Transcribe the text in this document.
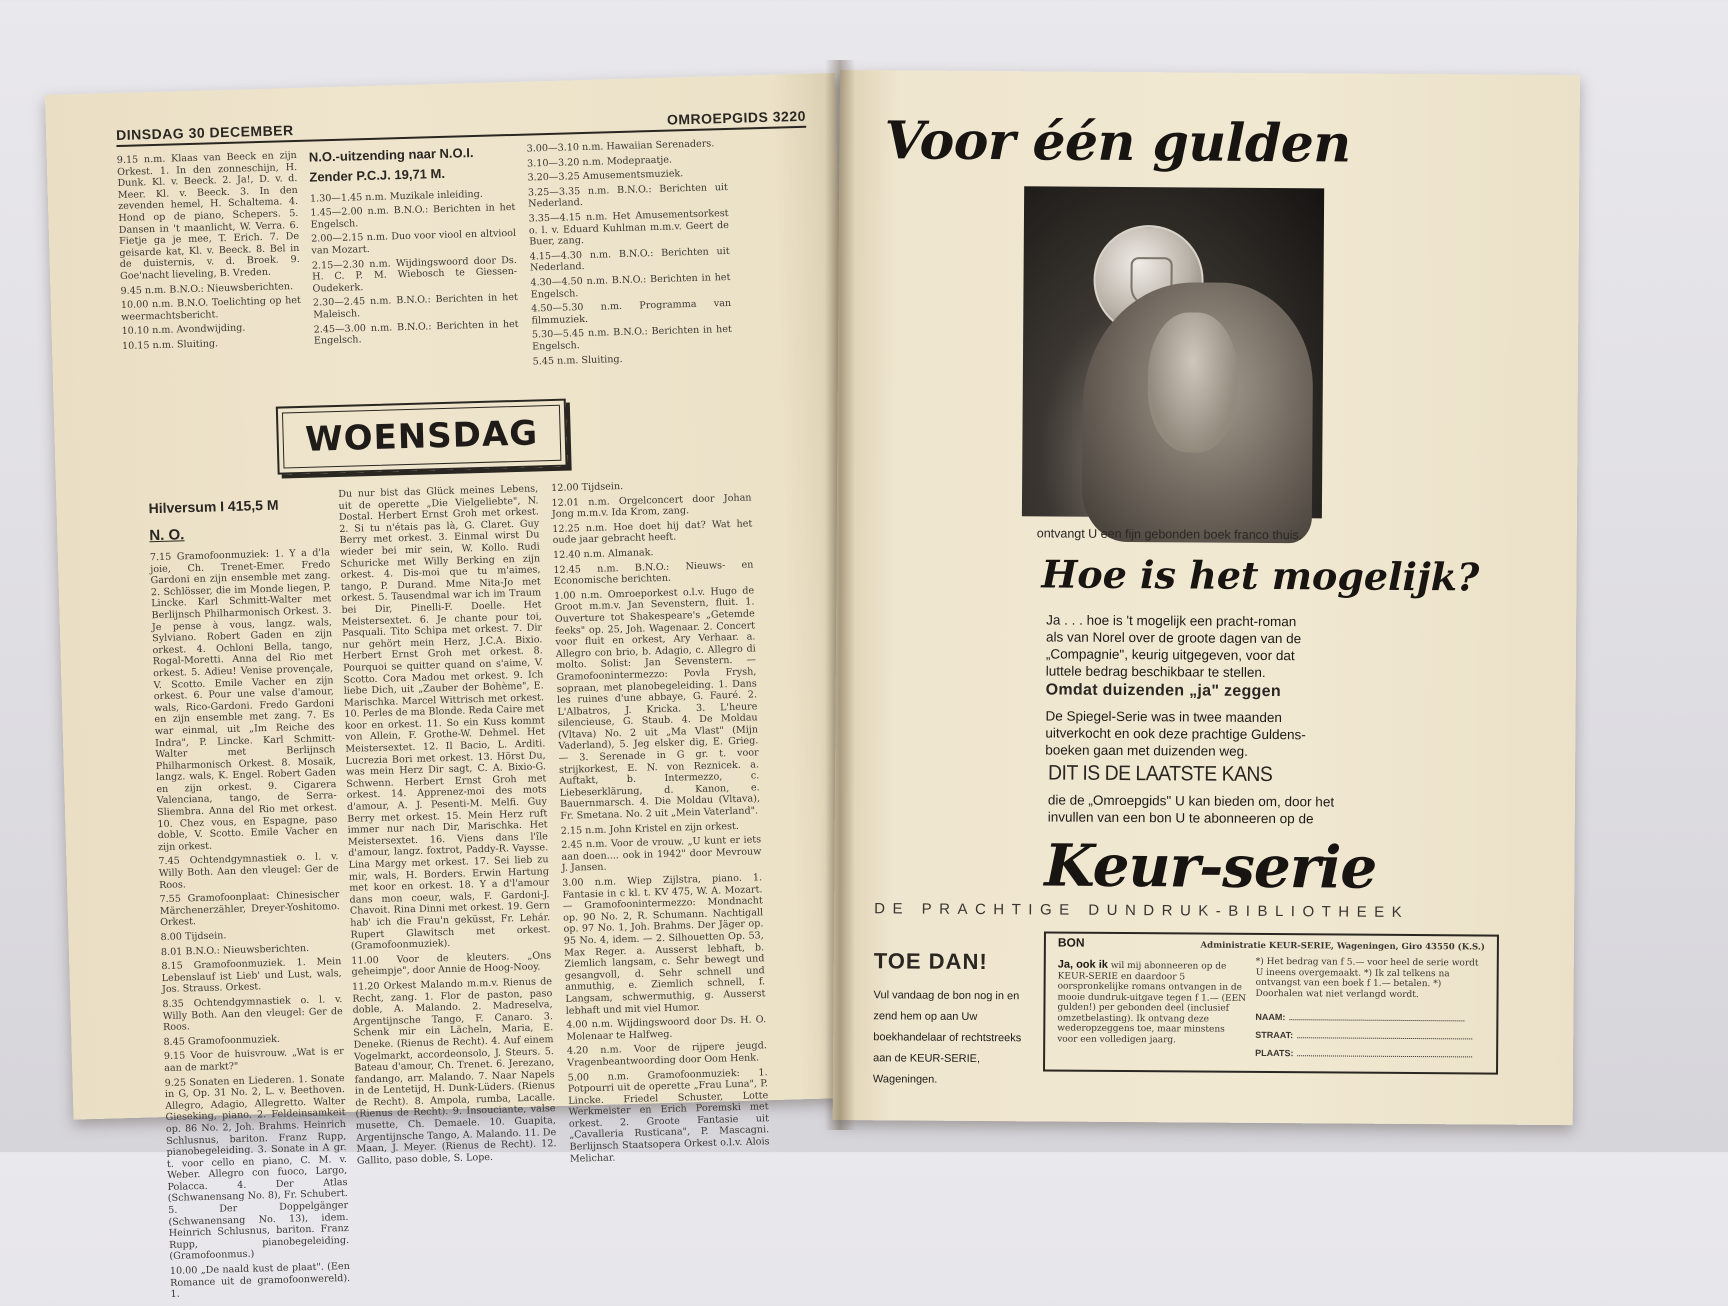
DINSDAG 30 DECEMBER
OMROEPGIDS 3220

9.15 n.m. Klaas van Beeck en zijn Orkest. 1. In den zonneschijn, H. Dunk. Kl. v. Beeck. 2. Ja!, D. v. d. Meer. Kl. v. Beeck. 3. In den zevenden hemel, H. Schaltema. 4. Hond op de piano, Schepers. 5. Dansen in 't maanlicht, W. Verra. 6. Fietje ga je mee, T. Erich. 7. De geisarde kat, Kl. v. Beeck. 8. Bel in de duisternis, v. d. Broek. 9. Goe'nacht lieveling, B. Vreden.

9.45 n.m. B.N.O.: Nieuwsberichten.

10.00 n.m. B.N.O. Toelichting op het weermachtsbericht.

10.10 n.m. Avondwijding.

10.15 n.m. Sluiting.

N.O.-uitzending naar N.O.I.
Zender P.C.J. 19,71 M.

1.30—1.45 n.m. Muzikale inleiding.

1.45—2.00 n.m. B.N.O.: Berichten in het Engelsch.

2.00—2.15 n.m. Duo voor viool en altviool van Mozart.

2.15—2.30 n.m. Wijdingswoord door Ds. H. C. P. M. Wiebosch te Giessen-Oudekerk.

2.30—2.45 n.m. B.N.O.: Berichten in het Maleisch.

2.45—3.00 n.m. B.N.O.: Berichten in het Engelsch.

3.00—3.10 n.m. Hawaiian Serenaders.

3.10—3.20 n.m. Modepraatje.

3.20—3.25 Amusementsmuziek.

3.25—3.35 n.m. B.N.O.: Berichten uit Nederland.

3.35—4.15 n.m. Het Amusementsorkest o. l. v. Eduard Kuhlman m.m.v. Geert de Buer, zang.

4.15—4.30 n.m. B.N.O.: Berichten uit Nederland.

4.30—4.50 n.m. B.N.O.: Berichten in het Engelsch.

4.50—5.30 n.m. Programma van filmmuziek.

5.30—5.45 n.m. B.N.O.: Berichten in het Engelsch.

5.45 n.m. Sluiting.

WOENSDAG
Hilversum I 415,5 M
N. O.

7.15 Gramofoonmuziek: 1. Y a d'la joie, Ch. Trenet-Emer. Fredo Gardoni en zijn ensemble met zang. 2. Schlösser, die im Monde liegen, P. Lincke. Karl Schmitt-Walter met Berlijnsch Philharmonisch Orkest. 3. Je pense à vous, langz. wals, Sylviano. Robert Gaden en zijn orkest. 4. Ochloni Bella, tango, Rogal-Moretti. Anna del Rio met orkest. 5. Adieu! Venise provençale, V. Scotto. Emile Vacher en zijn orkest. 6. Pour une valse d'amour, wals, Rico-Gardoni. Fredo Gardoni en zijn ensemble met zang. 7. Es war einmal, uit „Im Reiche des Indra", P. Lincke. Karl Schmitt-Walter met Berlijnsch Philharmonisch Orkest. 8. Mosaik, langz. wals, K. Engel. Robert Gaden en zijn orkest. 9. Cigarera Valenciana, tango, de Serra-Sliembra. Anna del Rio met orkest. 10. Chez vous, en Espagne, paso doble, V. Scotto. Emile Vacher en zijn orkest.

7.45 Ochtendgymnastiek o. l. v. Willy Both. Aan den vleugel: Ger de Roos.

7.55 Gramofoonplaat: Chinesischer Märchenerzähler, Dreyer-Yoshitomo. Orkest.

8.00 Tijdsein.

8.01 B.N.O.: Nieuwsberichten.

8.15 Gramofoonmuziek. 1. Mein Lebenslauf ist Lieb' und Lust, wals, Jos. Strauss. Orkest.

8.35 Ochtendgymnastiek o. l. v. Willy Both. Aan den vleugel: Ger de Roos.

8.45 Gramofoonmuziek.

9.15 Voor de huisvrouw. „Wat is er aan de markt?"

9.25 Sonaten en Liederen. 1. Sonate in G, Op. 31 No. 2, L. v. Beethoven. Allegro, Adagio, Allegretto. Walter Gieseking, piano. 2. Feldeinsamkeit op. 86 No. 2, Joh. Brahms. Heinrich Schlusnus, bariton. Franz Rupp, pianobegeleiding. 3. Sonate in A gr. t. voor cello en piano, C. M. v. Weber. Allegro con fuoco, Largo, Polacca. 4. Der Atlas (Schwanensang No. 8), Fr. Schubert. 5. Der Doppelgänger (Schwanensang No. 13), idem. Heinrich Schlusnus, bariton. Franz Rupp, pianobegeleiding. (Gramofoonmus.)

10.00 „De naald kust de plaat". (Een Romance uit de gramofoonwereld). 1.

Du nur bist das Glück meines Lebens, uit de operette „Die Vielgeliebte", N. Dostal. Herbert Ernst Groh met orkest. 2. Si tu n'étais pas là, G. Claret. Guy Berry met orkest. 3. Einmal wirst Du wieder bei mir sein, W. Kollo. Rudi Schuricke met Willy Berking en zijn orkest. 4. Dis-moi que tu m'aimes, tango, P. Durand. Mme Nita-Jo met orkest. 5. Tausendmal war ich im Traum bei Dir, Pinelli-F. Doelle. Het Meistersextet. 6. Je chante pour toi, Pasquali. Tito Schipa met orkest. 7. Dir nur gehört mein Herz, J.C.A. Bixio. Herbert Ernst Groh met orkest. 8. Pourquoi se quitter quand on s'aime, V. Scotto. Cora Madou met orkest. 9. Ich liebe Dich, uit „Zauber der Bohème", E. Marischka. Marcel Wittrisch met orkest. 10. Perles de ma Blonde. Reda Caire met koor en orkest. 11. So ein Kuss kommt von Allein, F. Grothe-W. Dehmel. Het Meistersextet. 12. Il Bacio, L. Arditi. Lucrezia Bori met orkest. 13. Hörst Du, was mein Herz Dir sagt, C. A. Bixio-G. Schwenn. Herbert Ernst Groh met orkest. 14. Apprenez-moi des mots d'amour, A. J. Pesenti-M. Melfi. Guy Berry met orkest. 15. Mein Herz ruft immer nur nach Dir, Marischka. Het Meistersextet. 16. Viens dans l'île d'amour, langz. foxtrot, Paddy-R. Vaysse. Lina Margy met orkest. 17. Sei lieb zu mir, wals, H. Borders. Erwin Hartung met koor en orkest. 18. Y a d'l'amour dans mon coeur, wals, F. Gardoni-J. Chavoit. Rina Dinni met orkest. 19. Gern hab' ich die Frau'n geküsst, Fr. Lehár. Rupert Glawitsch met orkest. (Gramofoonmuziek).

11.00 Voor de kleuters. „Ons geheimpje", door Annie de Hoog-Nooy.

11.20 Orkest Malando m.m.v. Rienus de Recht, zang. 1. Flor de paston, paso doble, A. Malando. 2. Madreselva, Argentijnsche Tango, F. Canaro. 3. Schenk mir ein Lächeln, Maria, E. Deneke. (Rienus de Recht). 4. Auf einem Vogelmarkt, accordeonsolo, J. Steurs. 5. Bateau d'amour, Ch. Trenet. 6. Jerezano, fandango, arr. Malando. 7. Naar Napels in de Lentetijd, H. Dunk-Lüders. (Rienus de Recht). 8. Ampola, rumba, Lacalle. (Rienus de Recht). 9. Insouciante, valse musette, Ch. Demaele. 10. Guapita, Argentijnsche Tango, A. Malando. 11. De Maan, J. Meyer. (Rienus de Recht). 12. Gallito, paso doble, S. Lope.

12.00 Tijdsein.

12.01 n.m. Orgelconcert door Johan Jong m.m.v. Ida Krom, zang.

12.25 n.m. Hoe doet hij dat? Wat het oude jaar gebracht heeft.

12.40 n.m. Almanak.

12.45 n.m. B.N.O.: Nieuws- en Economische berichten.

1.00 n.m. Omroeporkest o.l.v. Hugo de Groot m.m.v. Jan Sevenstern, fluit. 1. Ouverture tot Shakespeare's „Getemde feeks" op. 25, Joh. Wagenaar. 2. Concert voor fluit en orkest, Ary Verhaar. a. Allegro con brio, b. Adagio, c. Allegro di molto. Solist: Jan Sevenstern. — Gramofoonintermezzo: Povla Frysh, sopraan, met planobegeleiding. 1. Dans les ruines d'une abbaye, G. Fauré. 2. L'Albatros, J. Kricka. 3. L'heure silencieuse, G. Staub. 4. De Moldau (Vltava) No. 2 uit „Ma Vlast" (Mijn Vaderland), 5. Jeg elsker dig, E. Grieg. — 3. Serenade in G gr. t. voor strijkorkest, E. N. von Reznicek. a. Auftakt, b. Intermezzo, c. Liebeserklärung, d. Kanon, e. Bauernmarsch. 4. Die Moldau (Vltava), Fr. Smetana. No. 2 uit „Mein Vaterland".

2.15 n.m. John Kristel en zijn orkest.

2.45 n.m. Voor de vrouw. „U kunt er iets aan doen.... ook in 1942" door Mevrouw J. Jansen.

3.00 n.m. Wiep Zijlstra, piano. 1. Fantasie in c kl. t. KV 475, W. A. Mozart. — Gramofoonintermezzo: Mondnacht op. 90 No. 2, R. Schumann. Nachtigall op. 97 No. 1, Joh. Brahms. Der Jäger op. 95 No. 4, idem. — 2. Silhouetten Op. 53, Max Reger. a. Ausserst lebhaft, b. Ziemlich langsam, c. Sehr bewegt und gesangvoll, d. Sehr schnell und anmuthig, e. Ziemlich schnell, f. Langsam, schwermuthig, g. Ausserst lebhaft und mit viel Humor.

4.00 n.m. Wijdingswoord door Ds. H. O. Molenaar te Halfweg.

4.20 n.m. Voor de rijpere jeugd. Vragenbeantwoording door Oom Henk.

5.00 n.m. Gramofoonmuziek: 1. Potpourri uit de operette „Frau Luna", P. Lincke. Friedel Schuster, Lotte Werkmeister en Erich Poremski met orkest. 2. Groote Fantasie uit „Cavalleria Rusticana", P. Mascagni. Berlijnsch Staatsopera Orkest o.l.v. Alois Melichar.

Voor één gulden
ontvangt U een fijn gebonden boek franco thuis.
Hoe is het mogelijk?
Ja . . . hoe is 't mogelijk een pracht-roman als van Norel over de groote dagen van de „Compagnie", keurig uitgegeven, voor dat luttele bedrag beschikbaar te stellen.
Omdat duizenden „ja" zeggen
De Spiegel-Serie was in twee maanden uitverkocht en ook deze prachtige Guldens-boeken gaan met duizenden weg.
DIT IS DE LAATSTE KANS
die de „Omroepgids" U kan bieden om, door het invullen van een bon U te abonneeren op de
Keur-serie
DE PRACHTIGE DUNDRUK-BIBLIOTHEEK
TOE DAN!
Vul vandaag de bon nog in en zend hem op aan Uw boekhandelaar of rechtstreeks aan de KEUR-SERIE, Wageningen.
BON	Administratie KEUR-SERIE, Wageningen, Giro 43550 (K.S.)
Ja, ook ik wil mij abonneeren op de KEUR-SERIE en daardoor 5 oorspronkelijke romans ontvangen in de mooie dundruk-uitgave tegen f 1.— (EEN gulden!) per gebonden deel (inclusief omzetbelasting). Ik ontvang deze wederopzeggens toe, maar minstens voor een volledigen jaarg.
*) Het bedrag van f 5.— voor heel de serie wordt U ineens overgemaakt. *) Ik zal telkens na ontvangst van een boek f 1.— betalen. *) Doorhalen wat niet verlangd wordt.
NAAM:
STRAAT:
PLAATS:
